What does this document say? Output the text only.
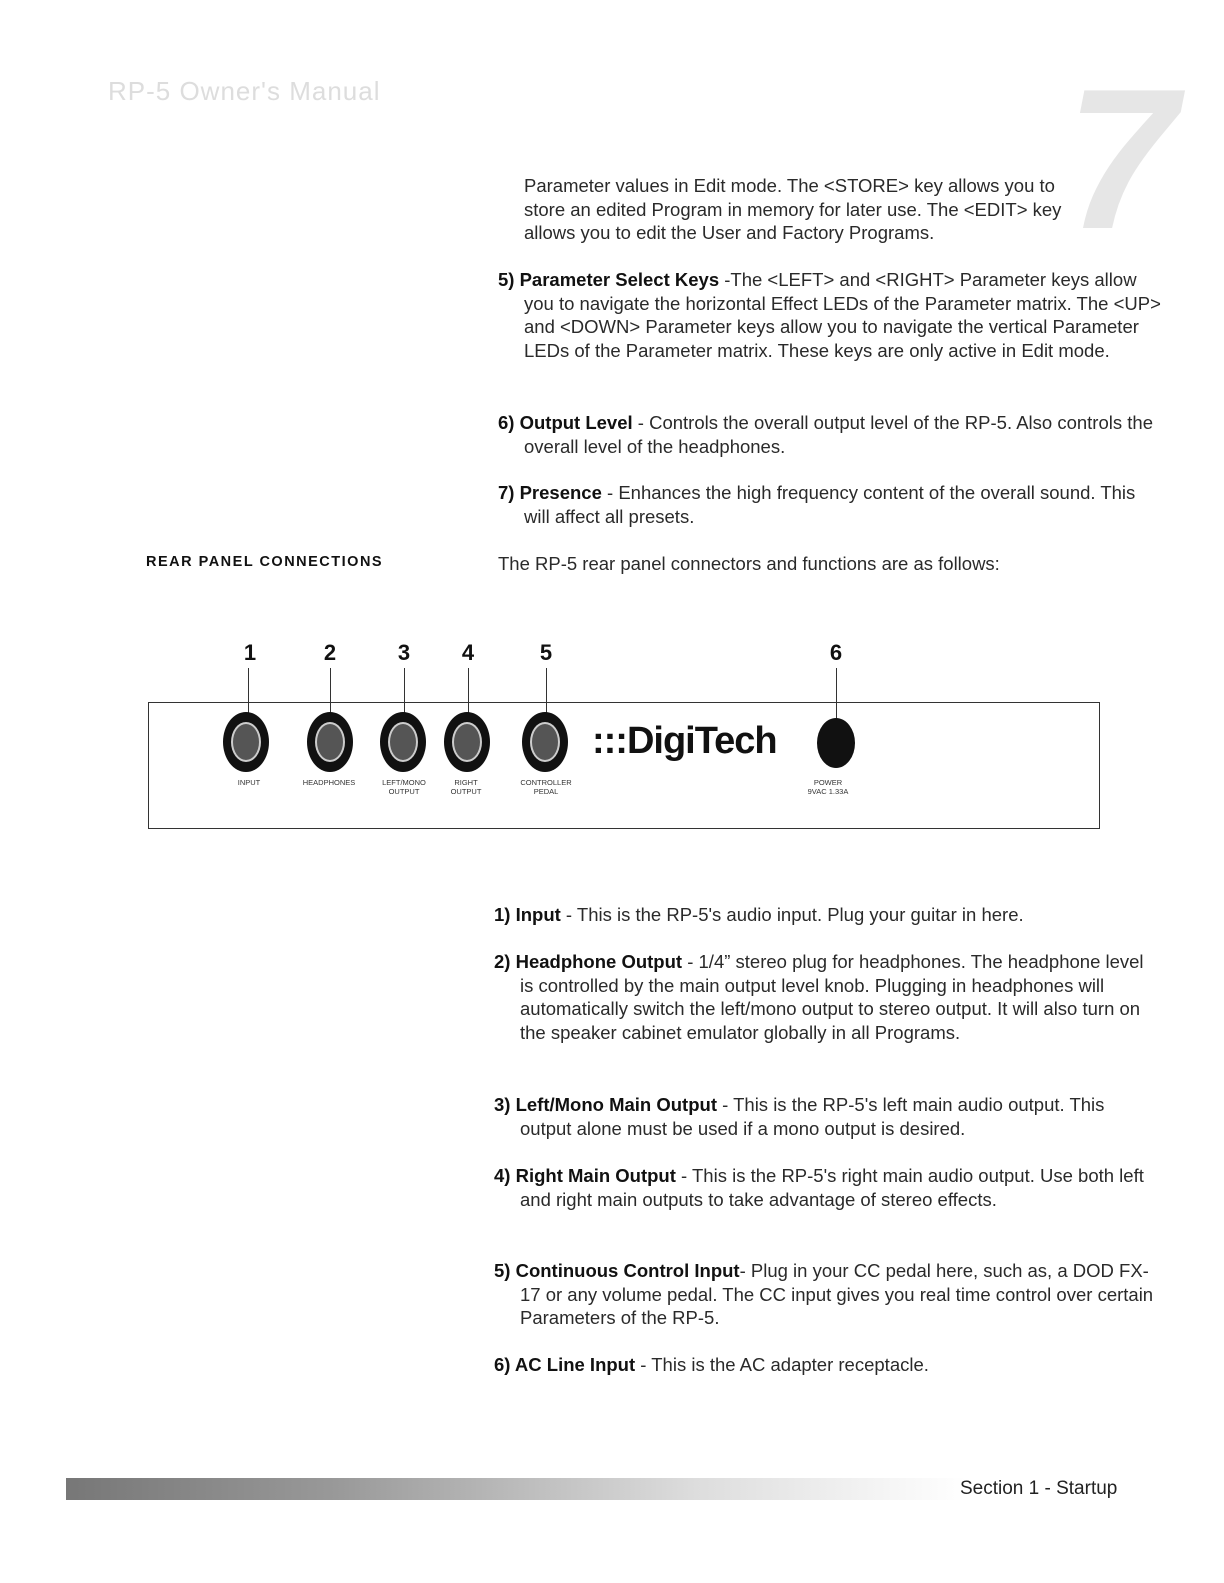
RP-5 Owner's Manual	7
Parameter values in Edit mode. The <STORE> key allows you to
store an edited Program in memory for later use. The <EDIT> key
allows you to edit the User and Factory Programs.
5) Parameter Select Keys -The <LEFT> and <RIGHT> Parameter keys allow you to navigate the horizontal Effect LEDs of the Parameter matrix. The <UP> and <DOWN> Parameter keys allow you to navigate the vertical Parameter LEDs of the Parameter matrix. These keys are only active in Edit mode.
6) Output Level - Controls the overall output level of the RP-5. Also controls the overall level of the headphones.
7) Presence - Enhances the high frequency content of the overall sound. This will affect all presets.
REAR PANEL CONNECTIONS	The RP-5 rear panel connectors and functions are as follows:
1	2	3 4	5	6
:::DigiTech
INPUT	HEADPHONES	LEFT/MONO
OUTPUT
RIGHT
OUTPUT
CONTROLLER
PEDAL
POWER
9VAC 1.33A
1) Input - This is the RP-5's audio input. Plug your guitar in here.
2) Headphone Output - 1/4” stereo plug for headphones. The headphone level is controlled by the main output level knob. Plugging in headphones will automatically switch the left/mono output to stereo output. It will also turn on the speaker cabinet emulator globally in all Programs.
3) Left/Mono Main Output - This is the RP-5's left main audio output. This output alone must be used if a mono output is desired.
4) Right Main Output - This is the RP-5's right main audio output. Use both left and right main outputs to take advantage of stereo effects.
5) Continuous Control Input- Plug in your CC pedal here, such as, a DOD FX-17 or any volume pedal. The CC input gives you real time control over certain Parameters of the RP-5.
6) AC Line Input - This is the AC adapter receptacle.
Section 1 - Startup
